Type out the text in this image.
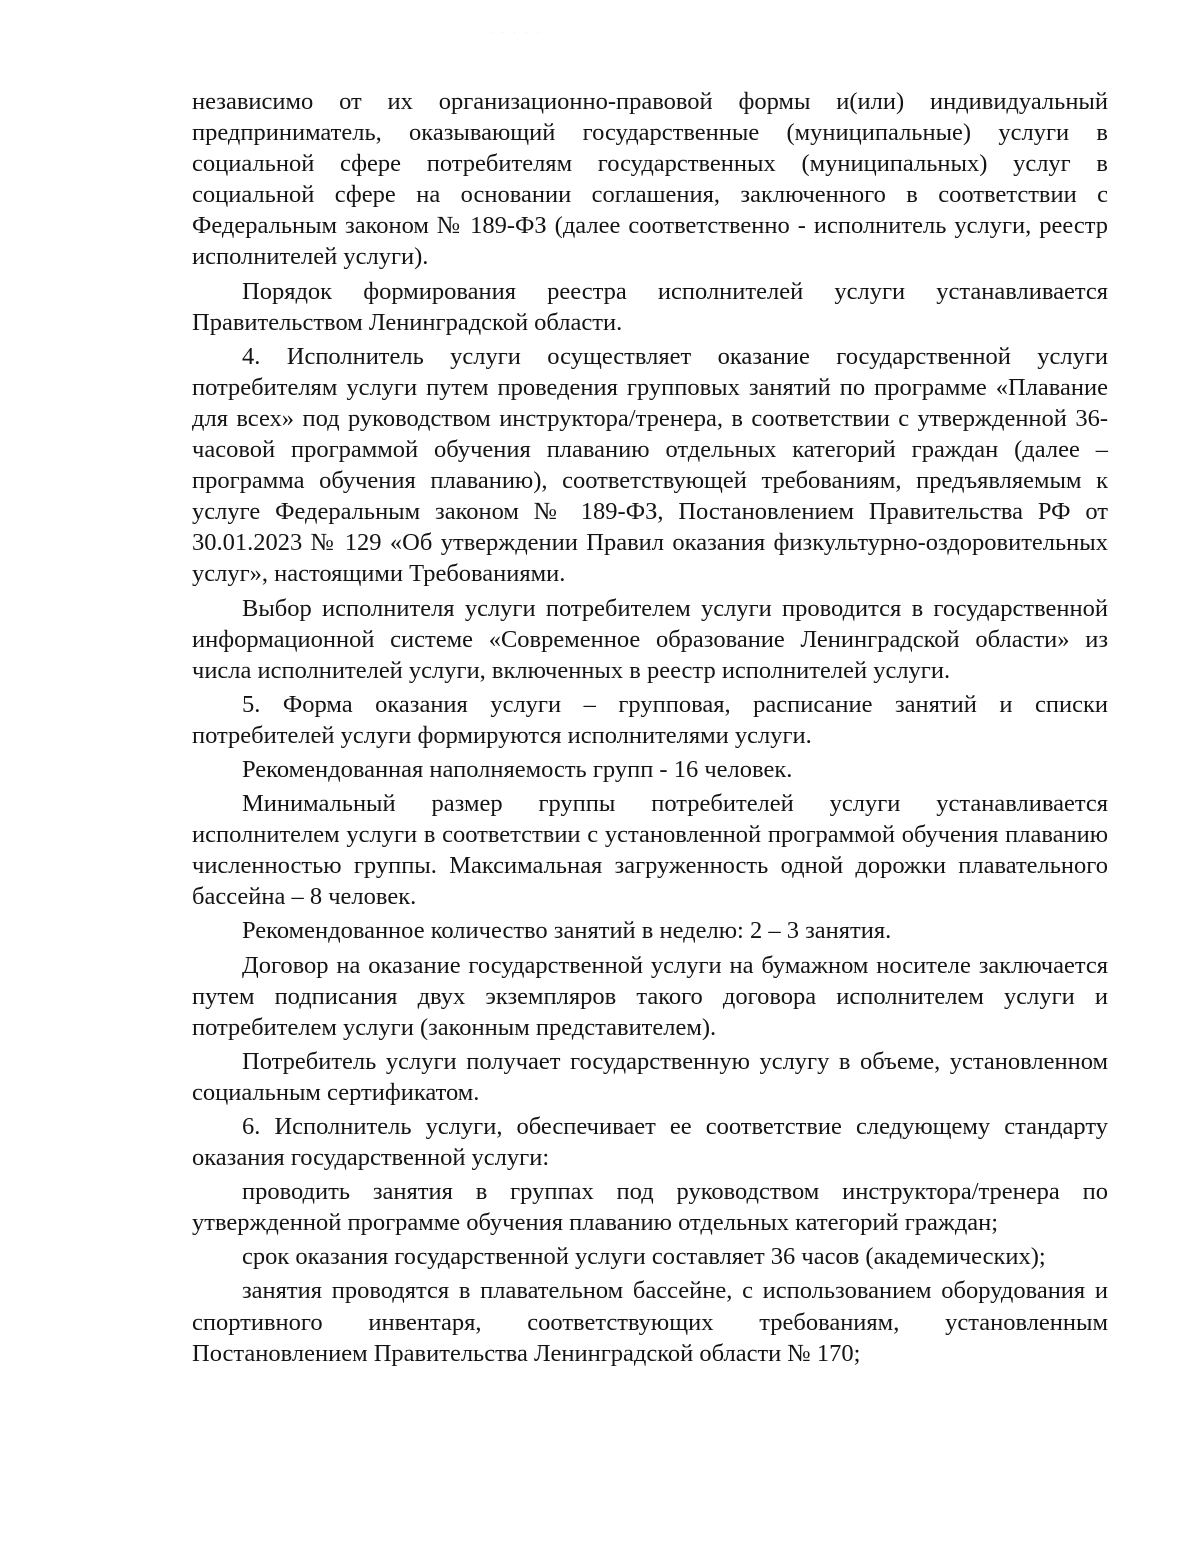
· · · · ·

независимо от их организационно-правовой формы и(или) индивидуальный предприниматель, оказывающий государственные (муниципальные) услуги в социальной сфере потребителям государственных (муниципальных) услуг в социальной сфере на основании соглашения, заключенного в соответствии с Федеральным законом № 189-ФЗ (далее соответственно - исполнитель услуги, реестр исполнителей услуги).

Порядок формирования реестра исполнителей услуги устанавливается Правительством Ленинградской области.

4. Исполнитель услуги осуществляет оказание государственной услуги потребителям услуги путем проведения групповых занятий по программе «Плавание для всех» под руководством инструктора/тренера, в соответствии с утвержденной 36-часовой программой обучения плаванию отдельных категорий граждан (далее – программа обучения плаванию), соответствующей требованиям, предъявляемым к услуге Федеральным законом № 189-ФЗ, Постановлением Правительства РФ от 30.01.2023 № 129 «Об утверждении Правил оказания физкультурно-оздоровительных услуг», настоящими Требованиями.

Выбор исполнителя услуги потребителем услуги проводится в государственной информационной системе «Современное образование Ленинградской области» из числа исполнителей услуги, включенных в реестр исполнителей услуги.

5. Форма оказания услуги – групповая, расписание занятий и списки потребителей услуги формируются исполнителями услуги.

Рекомендованная наполняемость групп - 16 человек.

Минимальный размер группы потребителей услуги устанавливается исполнителем услуги в соответствии с установленной программой обучения плаванию численностью группы. Максимальная загруженность одной дорожки плавательного бассейна – 8 человек.

Рекомендованное количество занятий в неделю: 2 – 3 занятия.

Договор на оказание государственной услуги на бумажном носителе заключается путем подписания двух экземпляров такого договора исполнителем услуги и потребителем услуги (законным представителем).

Потребитель услуги получает государственную услугу в объеме, установленном социальным сертификатом.

6. Исполнитель услуги, обеспечивает ее соответствие следующему стандарту оказания государственной услуги:

проводить занятия в группах под руководством инструктора/тренера по утвержденной программе обучения плаванию отдельных категорий граждан;

срок оказания государственной услуги составляет 36 часов (академических);

занятия проводятся в плавательном бассейне, с использованием оборудования и спортивного инвентаря, соответствующих требованиям, установленным Постановлением Правительства Ленинградской области № 170;
